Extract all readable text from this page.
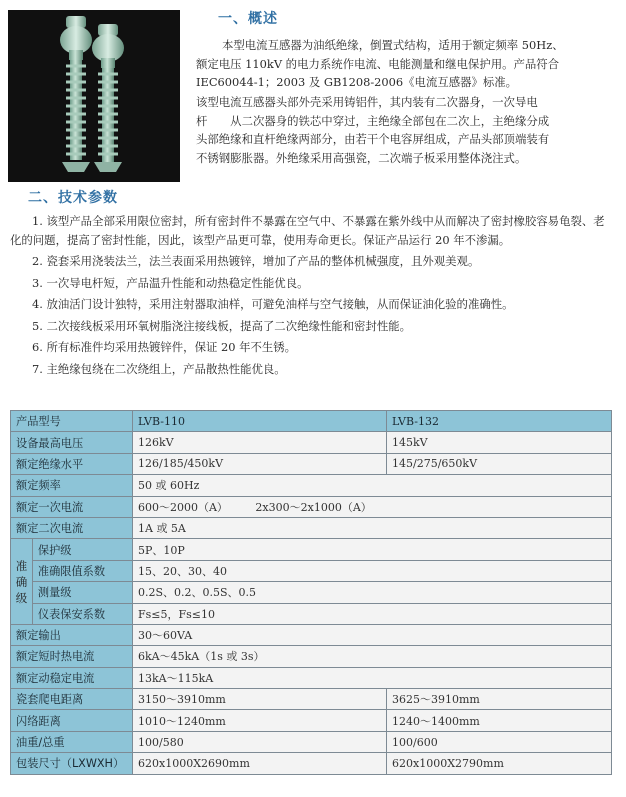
一、概述
本型电流互感器为油纸绝缘，倒置式结构，适用于额定频率 50Hz、
额定电压 110kV 的电力系统作电流、电能测量和继电保护用。产品符合
IEC60044-1；2003 及 GB1208-2006《电流互感器》标准。
该型电流互感器头部外壳采用铸铝件，其内装有二次器身，一次导电
杆　　从二次器身的铁芯中穿过，主绝缘全部包在二次上，主绝缘分成
头部绝缘和直杆绝缘两部分，由若干个电容屏组成，产品头部顶端装有
不锈钢膨胀器。外绝缘采用高强瓷，二次端子板采用整体浇注式。
二、技术参数
1. 该型产品全部采用限位密封，所有密封件不暴露在空气中、不暴露在紫外线中从而解决了密封橡胶容易龟裂、老化的问题，提高了密封性能，因此，该型产品更可靠，使用寿命更长。保证产品运行 20 年不渗漏。
2. 瓷套采用浇装法兰，法兰表面采用热镀锌，增加了产品的整体机械强度，且外观美观。
3. 一次导电杆短，产品温升性能和动热稳定性能优良。
4. 放油活门设计独特，采用注射器取油样，可避免油样与空气接触，从而保证油化验的准确性。
5. 二次接线板采用环氧树脂浇注接线板，提高了二次绝缘性能和密封性能。
6. 所有标准件均采用热镀锌件，保证 20 年不生锈。
7. 主绝缘包绕在二次绕组上，产品散热性能优良。
产品型号		LVB-110	LVB-132
设备最高电压		126kV	145kV
额定绝缘水平		126/185/450kV	145/275/650kV
额定频率		50 或 60Hz	
额定一次电流		600～2000（A）　　　2x300～2x1000（A）	
额定二次电流		1A 或 5A	

准
确
级	保护级	5P、10P	
	准确限值系数	15、20、30、40	
	测量级	0.2S、0.2、0.5S、0.5	
	仪表保安系数	Fs≤5，Fs≤10	
额定输出		30～60VA	
额定短时热电流		6kA～45kA（1s 或 3s）	
额定动稳定电流		13kA～115kA	
瓷套爬电距离		3150～3910mm	3625～3910mm
闪络距离		1010～1240mm	1240～1400mm
油重/总重		100/580	100/600
包装尺寸（LXWXH）		620x1000X2690mm	620x1000X2790mm
